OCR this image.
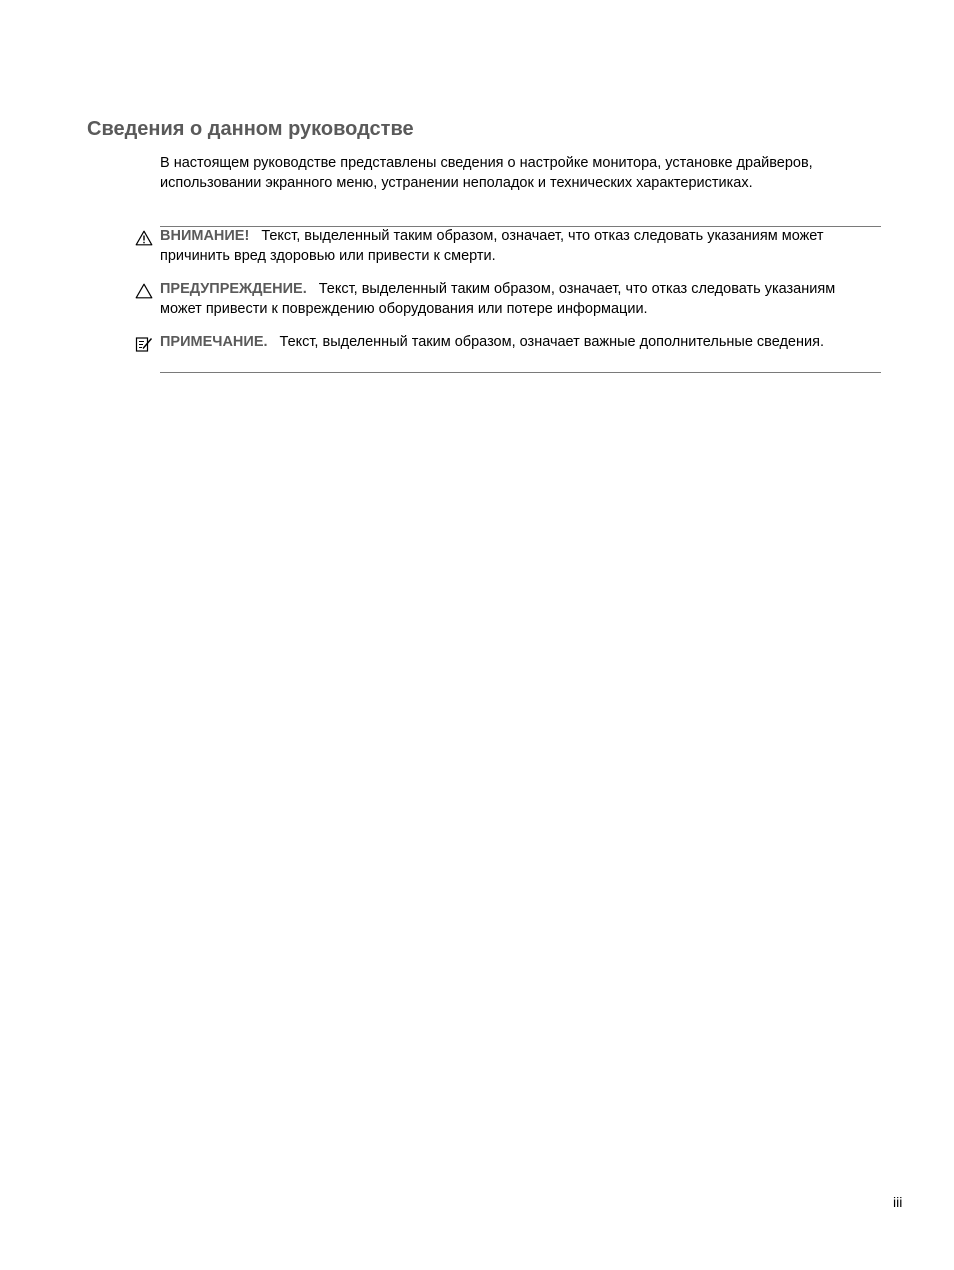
Сведения о данном руководстве

В настоящем руководстве представлены сведения о настройке монитора, установке драйверов, использовании экранного меню, устранении неполадок и технических характеристиках.

ВНИМАНИЕ! Текст, выделенный таким образом, означает, что отказ следовать указаниям может причинить вред здоровью или привести к смерти.

ПРЕДУПРЕЖДЕНИЕ. Текст, выделенный таким образом, означает, что отказ следовать указаниям может привести к повреждению оборудования или потере информации.

ПРИМЕЧАНИЕ. Текст, выделенный таким образом, означает важные дополнительные сведения.

iii
